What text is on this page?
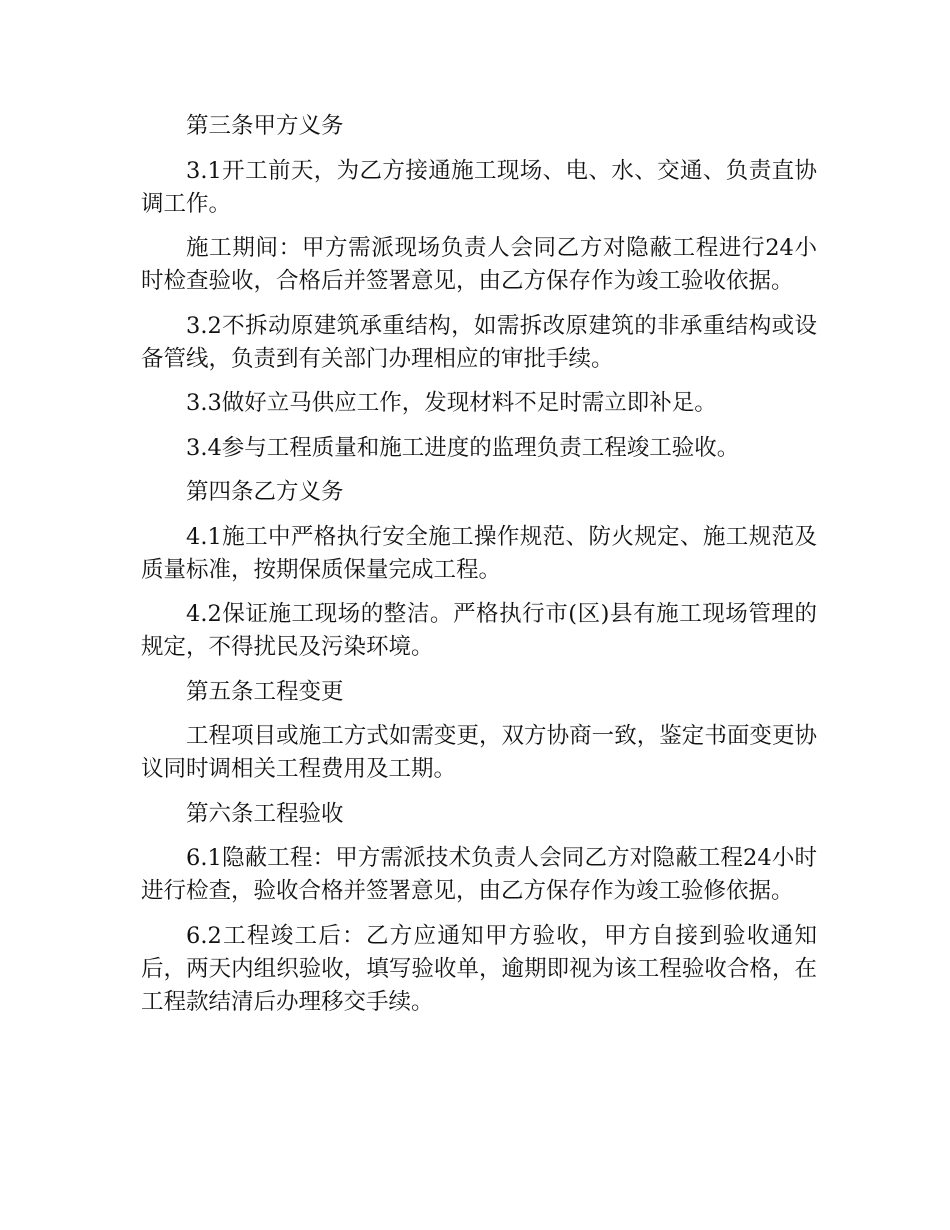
第三条甲方义务

3.1开工前天，为乙方接通施工现场、电、水、交通、负责直协调工作。

施工期间：甲方需派现场负责人会同乙方对隐蔽工程进行24小时检查验收，合格后并签署意见，由乙方保存作为竣工验收依据。

3.2不拆动原建筑承重结构，如需拆改原建筑的非承重结构或设备管线，负责到有关部门办理相应的审批手续。

3.3做好立马供应工作，发现材料不足时需立即补足。

3.4参与工程质量和施工进度的监理负责工程竣工验收。

第四条乙方义务

4.1施工中严格执行安全施工操作规范、防火规定、施工规范及质量标准，按期保质保量完成工程。

4.2保证施工现场的整洁。严格执行市(区)县有施工现场管理的规定，不得扰民及污染环境。

第五条工程变更

工程项目或施工方式如需变更，双方协商一致，鉴定书面变更协议同时调相关工程费用及工期。

第六条工程验收

6.1隐蔽工程：甲方需派技术负责人会同乙方对隐蔽工程24小时进行检查，验收合格并签署意见，由乙方保存作为竣工验修依据。

6.2工程竣工后：乙方应通知甲方验收，甲方自接到验收通知后，两天内组织验收，填写验收单，逾期即视为该工程验收合格，在工程款结清后办理移交手续。
